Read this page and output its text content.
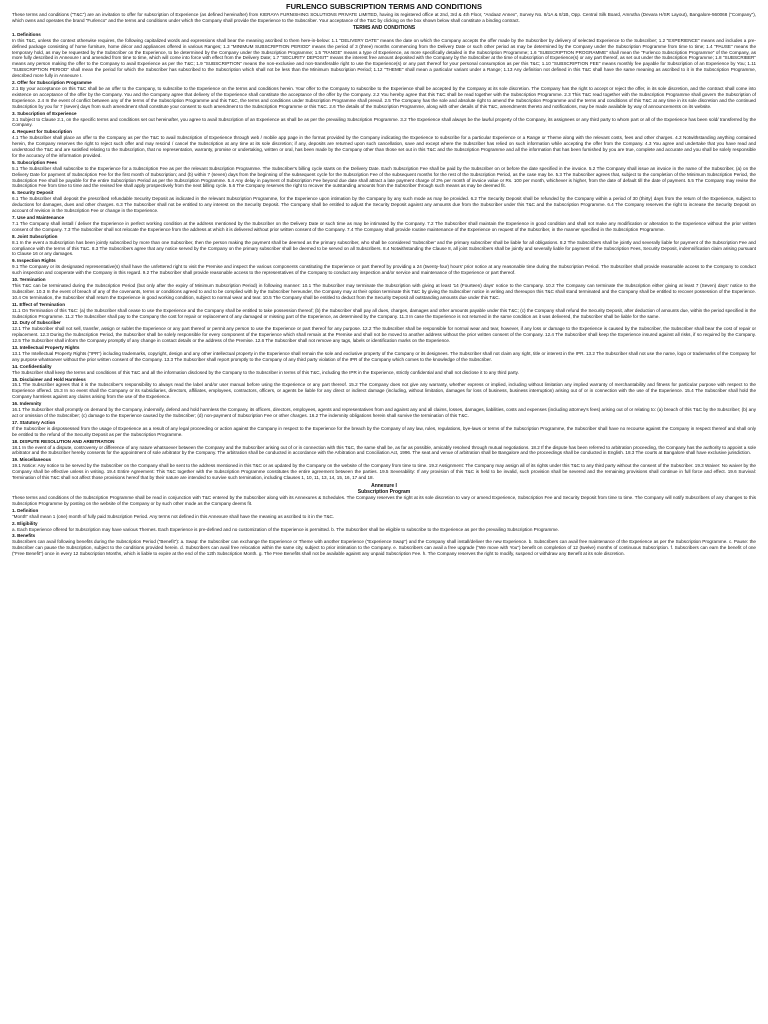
FURLENCO SUBSCRIPTION TERMS AND CONDITIONS

These terms and conditions ("T&C") are an invitation to offer for subscription of Experience (as defined hereinafter) from KIERAYA FURNISHING SOLUTIONS PRIVATE LIMITED, having its registered office at 2nd, 3rd & 4th Floor, "Andaaz Annex", Survey No. 8/1A & 8/1B, Opp. Central Silk Board, Amrutha (Devara H/SR Layout), Bangalore-560068 ("Company"), which owns and operates the brand "Furlenco" and the terms and conditions under which the Company shall provide the Experience to the Subscriber. Your acceptance of the T&C by clicking on the box shown below shall constitute a binding contract.

TERMS AND CONDITIONS
1. Definitions

In this T&C, unless the context otherwise requires, the following capitalized words and expressions shall bear the meaning ascribed to them here-in-below: 1.1 "DELIVERY DATE" means the date on which the Company accepts the offer made by the Subscriber by delivery of selected Experience to the Subscriber; 1.2 "EXPERIENCE" means and includes a pre-defined package consisting of home furniture, home décor and appliances offered in various Ranges; 1.3 "MINIMUM SUBSCRIPTION PERIOD" means the period of 3 (three) months commencing from the Delivery Date or such other period as may be determined by the Company under the Subscription Programme from time to time; 1.4 "PAUSE" means the temporary hold, as may be requested by the Subscriber on the Experience, to be determined by the Company under the Subscription Programme; 1.5 "RANGE" means a type of Experience, as more specifically detailed in the Subscription Programme; 1.6 "SUBSCRIPTION PROGRAMME" shall mean the "Furlenco Subscription Programme" of the Company, as more fully described in Annexure I and amended from time to time, which will come into force with effect from the Delivery Date; 1.7 "SECURITY DEPOSIT" means the interest free amount deposited with the Company by the Subscriber at the time of subscription of Experience(s) or any part thereof, as set out under the Subscription Programme; 1.8 "SUBSCRIBER" means any person making the offer to the Company to avail Experience as per the T&C; 1.9 "SUBSCRIPTION" means the non-exclusive and non-transferable right to use the Experience(s) or any part thereof for your personal consumption as per this T&C; 1.10 "SUBSCRIPTION FEE" means monthly fee payable for Subscription of an Experience by You; 1.11 "SUBSCRIPTION PERIOD" shall mean the period for which the Subscriber has subscribed to the Subscription which shall not be less than the Minimum Subscription Period; 1.12 "THEME" shall mean a particular variant under a Range; 1.13 Any definition not defined in this T&C shall have the same meaning as ascribed to it in the Subscription Programme, described more fully in Annexure I.

2. Offer for Subscription Programme

2.1 By your acceptance on this T&C shall be an offer to the Company, to subscribe to the Experience on the terms and conditions herein. Your offer to the Company to subscribe to the Experience shall be accepted by the Company at its sole discretion. The Company has the right to accept or reject the offer, in its sole discretion, and the contract shall come into existence on acceptance of the offer by the Company. You and the Company agree that delivery of the Experience shall constitute the acceptance of the offer by the Company. 2.2 You hereby agree that this T&C shall be read together with the Subscription Programme. 2.3 This T&C read together with the Subscription Programme shall govern the Subscription of Experience. 2.4 In the event of conflict between any of the terms of the Subscription Programme and this T&C, the terms and conditions under Subscription Programme shall prevail. 2.5 The Company has the sole and absolute right to amend the Subscription Programme and the terms and conditions of this T&C at any time in its sole discretion and the continued Subscription by you for 7 (seven) days from such amendment shall constitute your consent to such amendment to the Subscription Programme or this T&C. 2.6 The details of the Subscription Programme, along with other details of this T&C, amendments thereto and notifications, may be made available by way of announcements on its website.

3. Subscription of Experience

3.1 Subject to Clause 2.1, on the specific terms and conditions set out hereinafter, you agree to avail Subscription of an Experience as shall be as per the prevailing Subscription Programme. 3.2 The Experience shall always be the lawful property of the Company, its assignees or any third party to whom part or all of the Experience has been sold/ transferred by the Company.

4. Request for Subscription

4.1 The Subscriber shall place an offer to the Company as per the T&C to avail Subscription of Experience through web / mobile app page in the format provided by the Company indicating the Experience to subscribe for a particular Experience or a Range or Theme along with the relevant costs, fees and other charges. 4.2 Notwithstanding anything contained herein, the Company reserves the right to reject such offer and may rescind / cancel the Subscription at any time at its sole discretion; if any, deposits are returned upon such cancellation, save and except where the Subscriber has relied on such information while accepting the offer from the Company. 4.3 You agree and undertake that you have read and understood the T&C and are satisfied relating to the Subscription, that no representation, warranty, promise or undertaking, written or oral, has been made by the Company other than those set out in this T&C and the Subscription Programme and all the information that has been furnished by you are true, complete and accurate and you shall be solely responsible for the accuracy of the information provided.

5. Subscription Fees

5.1 The Subscriber shall subscribe to the Experience for a Subscription Fee as per the relevant Subscription Programme. The Subscriber's billing cycle starts on the Delivery Date. Each Subscription Fee shall be paid by the Subscriber on or before the date specified in the invoice. 5.2 The Company shall issue an invoice in the name of the Subscriber, (a) on the Delivery Date for payment of Subscription Fee for the first month of Subscription; and (b) within 7 (seven) days from the beginning of the subsequent cycle for the Subscription Fee of the subsequent months for the rest of the Subscription Period, as the case may be. 5.3 The Subscriber agrees that, subject to the completion of the Minimum Subscription Period, the Subscription Fee shall be payable for the entire Subscription Period as per the Subscription Programme. 5.4 Any delay in payment of Subscription Fee beyond due date shall attract a late payment charge of 2% per month of invoice value or Rs. 100 per month, whichever is higher, from the date of default till the date of payment. 5.5 The Company may revise the Subscription Fee from time to time and the revised fee shall apply prospectively from the next billing cycle. 5.6 The Company reserves the right to recover the outstanding amounts from the Subscriber through such means as may be deemed fit.

6. Security Deposit

6.1 The Subscriber shall deposit the prescribed refundable Security Deposit as indicated in the relevant Subscription Programme, for the Experience upon intimation by the Company by any such mode as may be provided. 6.2 The Security Deposit shall be refunded by the Company within a period of 30 (thirty) days from the return of the Experience, subject to deductions for damages, dues and other charges. 6.3 The Subscriber shall not be entitled to any interest on the Security Deposit. The Company shall be entitled to adjust the Security Deposit against any amounts due from the Subscriber under this T&C and the Subscription Programme. 6.4 The Company reserves the right to increase the Security Deposit on account of revision in the Subscription Fee or change in the Experience.

7. Use and Maintenance

7.1 The Company shall install / deliver the Experience in perfect working condition at the address mentioned by the Subscriber on the Delivery Date or such time as may be intimated by the Company. 7.2 The Subscriber shall maintain the Experience in good condition and shall not make any modification or alteration to the Experience without the prior written consent of the Company. 7.3 The Subscriber shall not relocate the Experience from the address at which it is delivered without prior written consent of the Company. 7.4 The Company shall provide routine maintenance of the Experience on request of the Subscriber, in the manner specified in the Subscription Programme.

8. Joint Subscription

8.1 In the event a Subscription has been jointly subscribed by more than one Subscriber, then the person making the payment shall be deemed as the primary subscriber, who shall be considered 'Subscriber' and the primary subscriber shall be liable for all obligations. 8.2 The Subscribers shall be jointly and severally liable for payment of the Subscription Fee and compliance with the terms of this T&C. 8.3 The Subscribers agree that any notice served by the Company on the primary subscriber shall be deemed to be served on all Subscribers. 8.4 Notwithstanding the Clause 8, all joint Subscribers shall be jointly and severally liable for payment of the Subscription Fees, Security Deposit, indemnification claim arising pursuant to Clause 16 or any damages.

9. Inspection Rights

9.1 The Company or its designated representative(s) shall have the unfettered right to visit the Premise and inspect the various components constituting the Experience or part thereof by providing a 24 (twenty-four) hours' prior notice at any reasonable time during the Subscription Period. The Subscriber shall provide reasonable access to the Company to conduct such inspection and cooperate with the Company in this regard. 9.2 The Subscriber shall provide reasonable access to the representatives of the Company to conduct any inspection and/or service and maintenance of the Experience or part thereof.

10. Termination

This T&C can be terminated during the Subscription Period (but only after the expiry of Minimum Subscription Period) in following manner: 10.1 The Subscriber may terminate the Subscription with giving at least '14 (Fourteen) days' notice to the Company. 10.2 The Company can terminate the Subscription either giving at least 7 (Seven) days' notice to the Subscriber. 10.3 In the event of breach of any of the covenants, terms or conditions agreed to and to be complied with by the Subscriber hereunder, the Company may at their option terminate this T&C by giving the Subscriber notice in writing and thereupon this T&C shall stand terminated and the Company shall be entitled to recover possession of the Experience. 10.4 On termination, the Subscriber shall return the Experience in good working condition, subject to normal wear and tear. 10.5 The Company shall be entitled to deduct from the Security Deposit all outstanding amounts due under this T&C.

11. Effect of Termination

11.1 On Termination of this T&C: (a) the Subscriber shall cease to use the Experience and the Company shall be entitled to take possession thereof; (b) the Subscriber shall pay all dues, charges, damages and other amounts payable under this T&C; (c) the Company shall refund the Security Deposit, after deduction of amounts due, within the period specified in the Subscription Programme. 11.2 The Subscriber shall pay to the Company the cost for repair or replacement of any damaged or missing part of the Experience, as determined by the Company. 11.3 In case the Experience is not returned in the same condition as it was delivered, the Subscriber shall be liable for the same.

12. Duty of Subscriber

12.1 The Subscriber shall not sell, transfer, assign or sublet the Experience or any part thereof or permit any person to use the Experience or part thereof for any purpose. 12.2 The Subscriber shall be responsible for normal wear and tear, however, if any loss or damage to the Experience is caused by the Subscriber, the Subscriber shall bear the cost of repair or replacement. 12.3 During the Subscription Period, the Subscriber shall be solely responsible for every component of the Experience which shall remain at the Premise and shall not be moved to another address without the prior written consent of the Company. 12.4 The Subscriber shall keep the Experience insured against all risks, if so required by the Company. 12.5 The Subscriber shall inform the Company promptly of any change in contact details or the address of the Premise. 12.6 The Subscriber shall not remove any tags, labels or identification marks on the Experience.

13. Intellectual Property Rights

13.1 The Intellectual Property Rights ("IPR") including trademarks, copyright, design and any other intellectual property in the Experience shall remain the sole and exclusive property of the Company or its designees. The Subscriber shall not claim any right, title or interest in the IPR. 13.2 The Subscriber shall not use the name, logo or trademarks of the Company for any purpose whatsoever without the prior written consent of the Company. 13.3 The Subscriber shall report promptly to the Company of any third party violation of the IPR of the Company which comes to the knowledge of the Subscriber.

14. Confidentiality

The Subscriber shall keep the terms and conditions of this T&C and all the information disclosed by the Company to the Subscriber in terms of this T&C, including the IPR in the Experience, strictly confidential and shall not disclose it to any third party.

15. Disclaimer and Hold Harmless

15.1 The Subscriber agrees that it is the Subscriber's responsibility to always read the label and/or user manual before using the Experience or any part thereof. 15.2 The Company does not give any warranty, whether express or implied, including without limitation any implied warranty of merchantability and fitness for particular purpose with respect to the Experience offered. 15.3 In no event shall the Company or its subsidiaries, directors, affiliates, employees, contractors, officers, or agents be liable for any direct or indirect damage (including, without limitation, damages for loss of business, business interruption) arising out of or in connection with the use of the Experience. 15.4 The Subscriber shall hold the Company harmless against any claims arising from the use of the Experience.

16. Indemnity

16.1 The Subscriber shall promptly on demand by the Company, indemnify, defend and hold harmless the Company, its officers, directors, employees, agents and representatives from and against any and all claims, losses, damages, liabilities, costs and expenses (including attorney's fees) arising out of or relating to: (a) breach of this T&C by the Subscriber; (b) any act or omission of the Subscriber; (c) damage to the Experience caused by the Subscriber; (d) non-payment of Subscription Fee or other charges. 16.2 The indemnity obligations herein shall survive the termination of this T&C.

17. Statutory Action

If the Subscriber is dispossessed from the usage of Experience as a result of any legal proceeding or action against the Company in respect to the Experience for the breach by the Company of any law, rules, regulations, bye-laws or terms of the Subscription Programme, the Subscriber shall have no recourse against the Company in respect thereof and shall only be entitled to the refund of the Security Deposit as per the Subscription Programme.

18. DISPUTE RESOLUTION AND ARBITRATION

18.1 In the event of a dispute, controversy or difference of any nature whatsoever between the Company and the Subscriber arising out of or in connection with this T&C, the same shall be, as far as possible, amicably resolved through mutual negotiations. 18.2 If the dispute has been referred to arbitration proceeding, the Company has the authority to appoint a sole arbitrator and the Subscriber hereby consents for the appointment of sole arbitrator by the Company. The arbitration shall be conducted in accordance with the Arbitration and Conciliation Act, 1996. The seat and venue of arbitration shall be Bangalore and the proceedings shall be conducted in English. 18.3 The courts at Bangalore shall have exclusive jurisdiction.

19. Miscellaneous

19.1 Notice: Any notice to be served by the Subscriber on the Company shall be sent to the address mentioned in this T&C or as updated by the Company on the website of the Company from time to time. 19.2 Assignment: The Company may assign all of its rights under this T&C to any third party without the consent of the Subscriber. 19.3 Waiver: No waiver by the Company shall be effective unless in writing. 19.4 Entire Agreement: This T&C together with the Subscription Programme constitutes the entire agreement between the parties. 19.5 Severability: If any provision of this T&C is held to be invalid, such provision shall be severed and the remaining provisions shall continue in full force and effect. 19.6 Survival: Termination of this T&C shall not affect those provisions hereof that by their nature are intended to survive such termination, including Clauses 1, 10, 11, 13, 14, 15, 16, 17 and 18.

Annexure I
Subscription Program

These terms and conditions of the Subscription Programme shall be read in conjunction with T&C entered by the Subscriber along with its Annexures & Schedules. The Company reserves the right at its sole discretion to vary or amend Experience, Subscription Fee and Security Deposit from time to time. The Company will notify Subscribers of any changes to this Subscription Programme by posting on the website of the Company or by such other mode as the Company deems fit.

1. Definition

"Month" shall mean 1 (one) month of fully paid Subscription Period. Any terms not defined in this Annexure shall have the meaning as ascribed to it in the T&C.

2. Eligibility

a. Each Experience offered for Subscription may have various Themes. Each Experience is pre-defined and no customization of the Experience is permitted. b. The Subscriber shall be eligible to subscribe to the Experience as per the prevailing Subscription Programme.

3. Benefits

Subscribers can avail following benefits during the Subscription Period ("Benefit"): a. Swap: the Subscriber can exchange the Experience or Theme with another Experience ("Experience Swap") and the Company shall install/deliver the new Experience. b. Subscribers can avail free maintenance of the Experience as per the Subscription Programme. c. Pause: the Subscriber can pause the Subscription, subject to the conditions provided herein. d. Subscribers can avail free relocation within the same city, subject to prior intimation to the Company. e. Subscribers can avail a free upgrade ("We move with You") benefit on completion of 12 (twelve) months of continuous Subscription. f. Subscribers can earn the benefit of one ("Free Benefit") once in every 12 Subscription Months, which is liable to expire at the end of the 12th Subscription Month. g. The Free Benefits shall not be available against any unpaid Subscription Fee. h. The Company reserves the right to modify, suspend or withdraw any Benefit at its sole discretion.
